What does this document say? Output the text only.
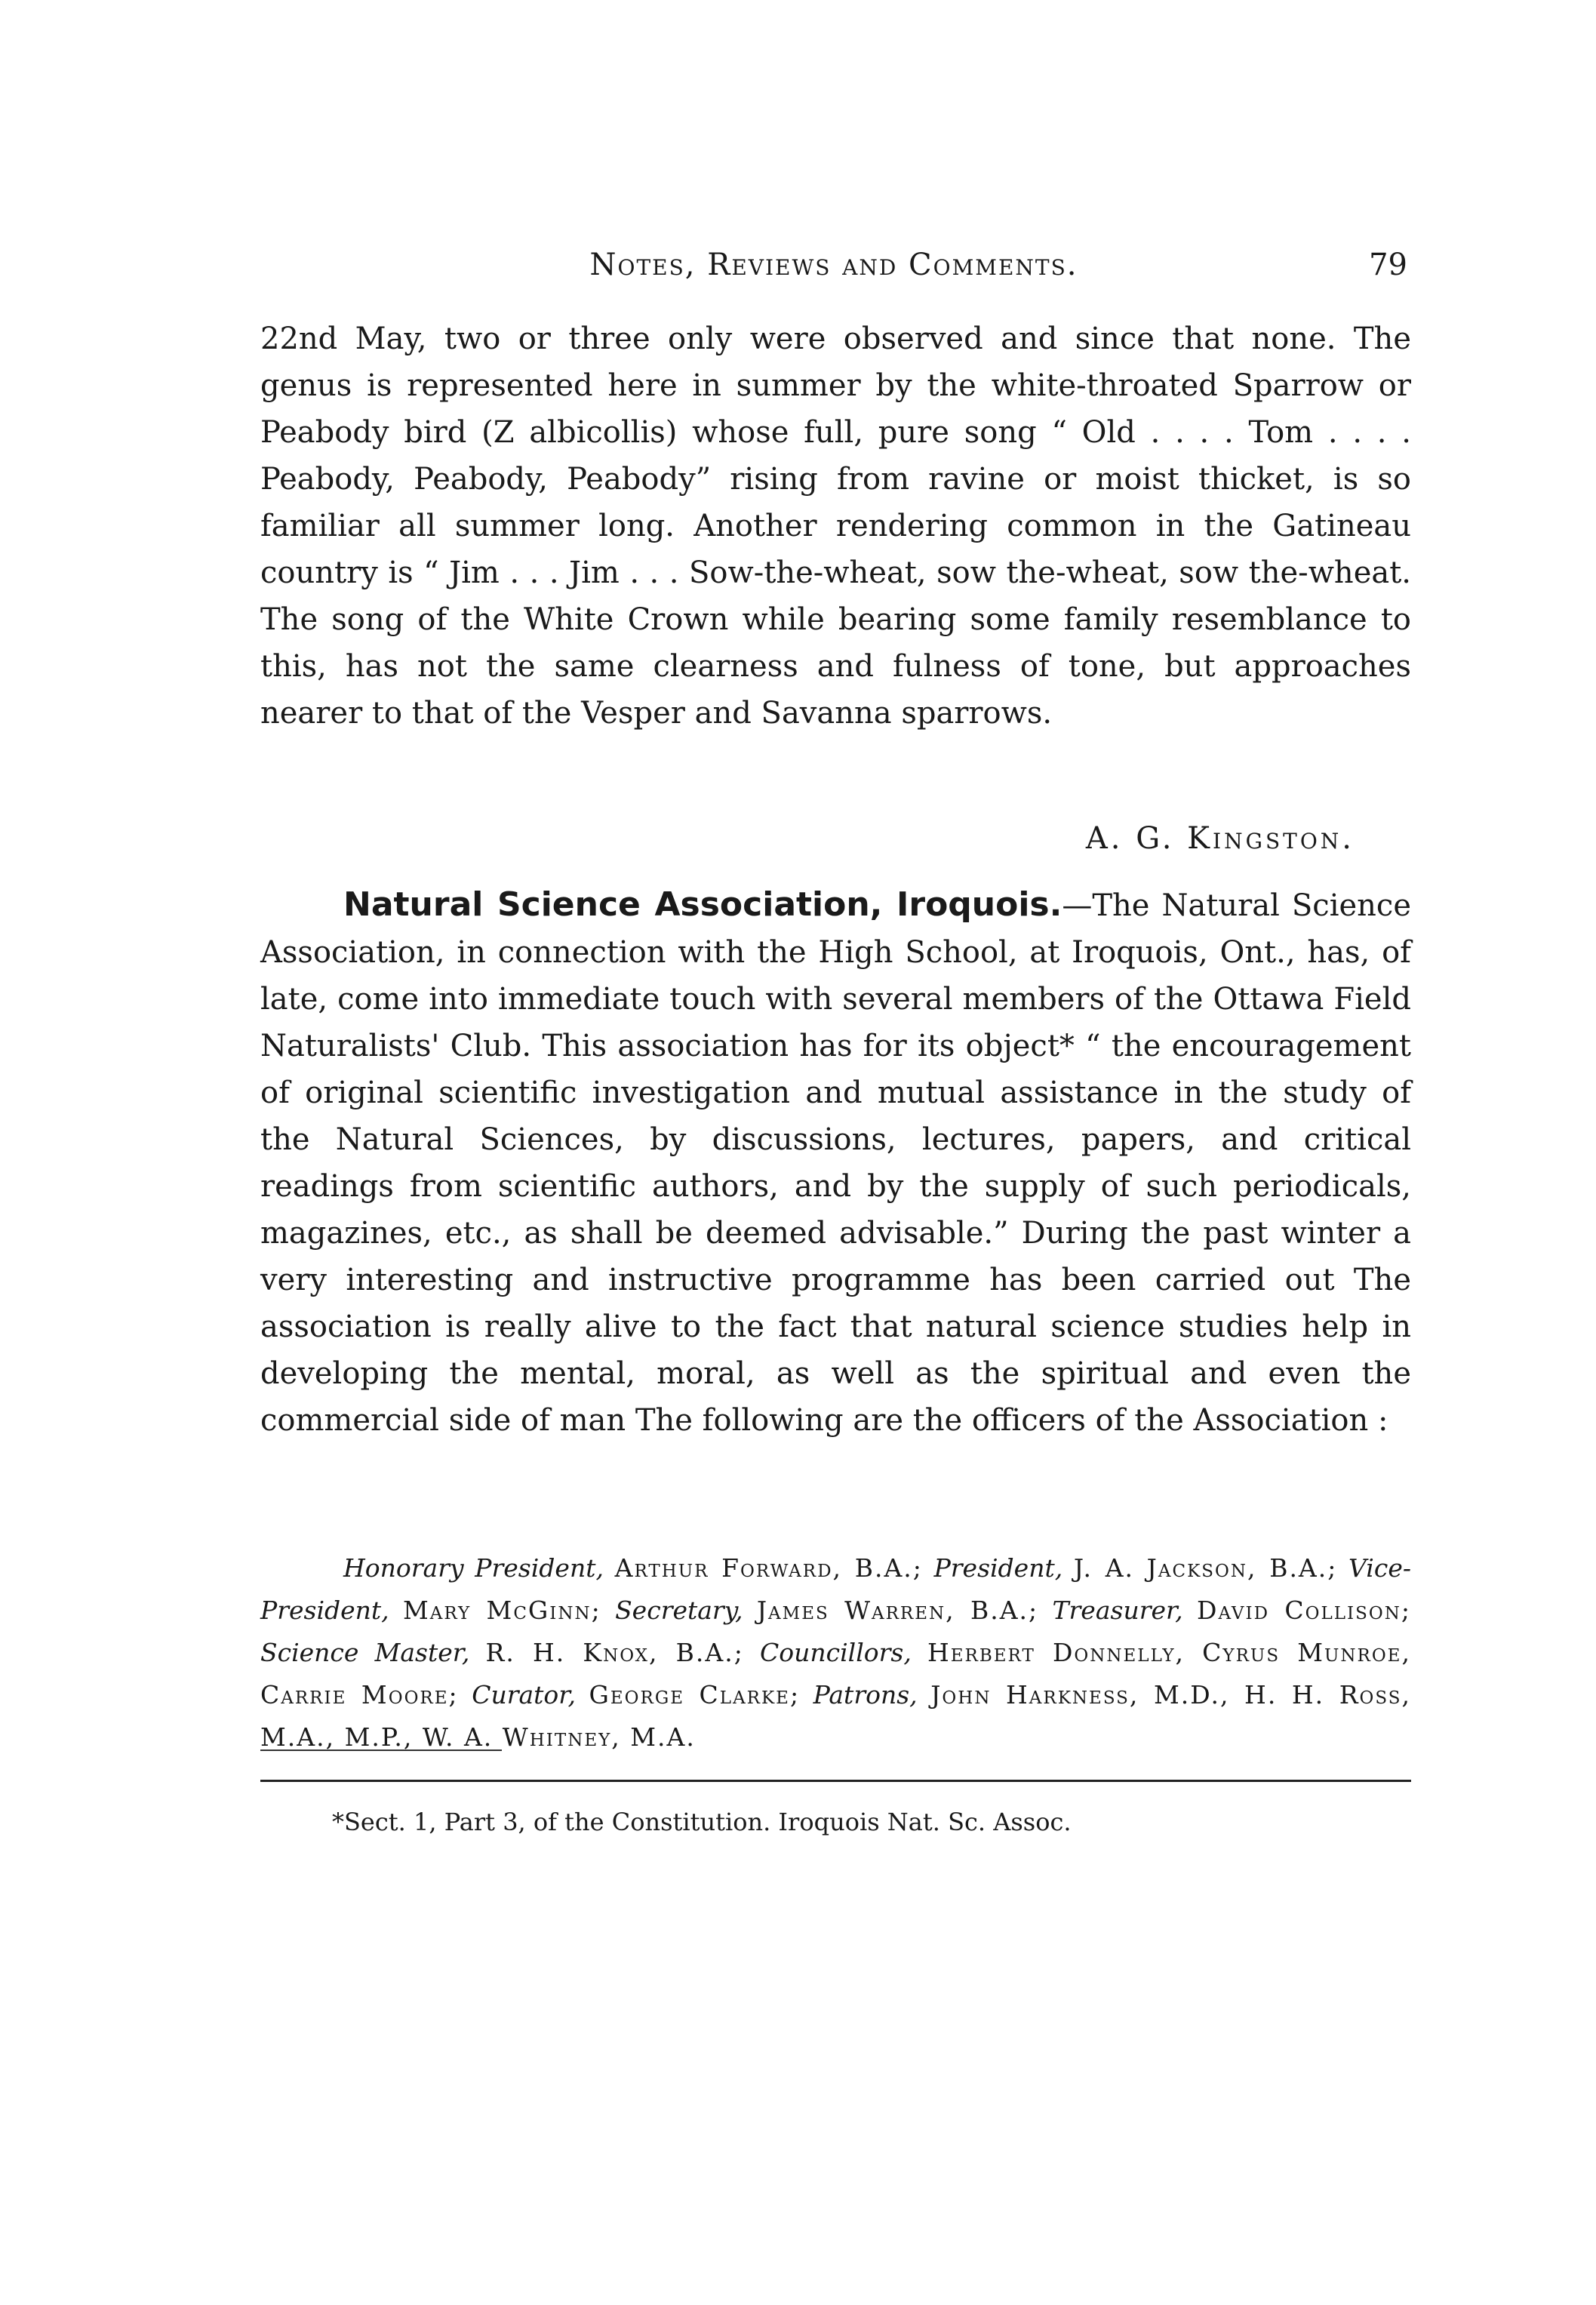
Notes, Reviews and Comments.	79

22nd May, two or three only were observed and since that none. The genus is represented here in summer by the white-throated Sparrow or Peabody bird (Z albicollis) whose full, pure song “ Old . . . . Tom . . . . Peabody, Peabody, Peabody” rising from ravine or moist thicket, is so familiar all summer long. Another rendering common in the Gatineau country is “ Jim . . . Jim . . . Sow-the-wheat, sow the-wheat, sow the-wheat. The song of the White Crown while bearing some family resemblance to this, has not the same clearness and fulness of tone, but approaches nearer to that of the Vesper and Savanna sparrows.

A. G. Kingston.

Natural Science Association, Iroquois.—The Natural Science Association, in connection with the High School, at Iroquois, Ont., has, of late, come into immediate touch with several members of the Ottawa Field Naturalists' Club. This association has for its object* “ the encouragement of original scientific investigation and mutual assistance in the study of the Natural Sciences, by discussions, lectures, papers, and critical readings from scientific authors, and by the supply of such periodicals, magazines, etc., as shall be deemed advisable.” During the past winter a very interesting and instructive programme has been carried out The association is really alive to the fact that natural science studies help in developing the mental, moral, as well as the spiritual and even the commercial side of man The following are the officers of the Association :

Honorary President, Arthur Forward, B.A.; President, J. A. Jackson, B.A.; Vice-President, Mary McGinn; Secretary, James Warren, B.A.; Treasurer, David Collison; Science Master, R. H. Knox, B.A.; Councillors, Herbert Donnelly, Cyrus Munroe, Carrie Moore; Curator, George Clarke; Patrons, John Harkness, M.D., H. H. Ross, M.A., M.P., W. A. Whitney, M.A.

*Sect. 1, Part 3, of the Constitution. Iroquois Nat. Sc. Assoc.
